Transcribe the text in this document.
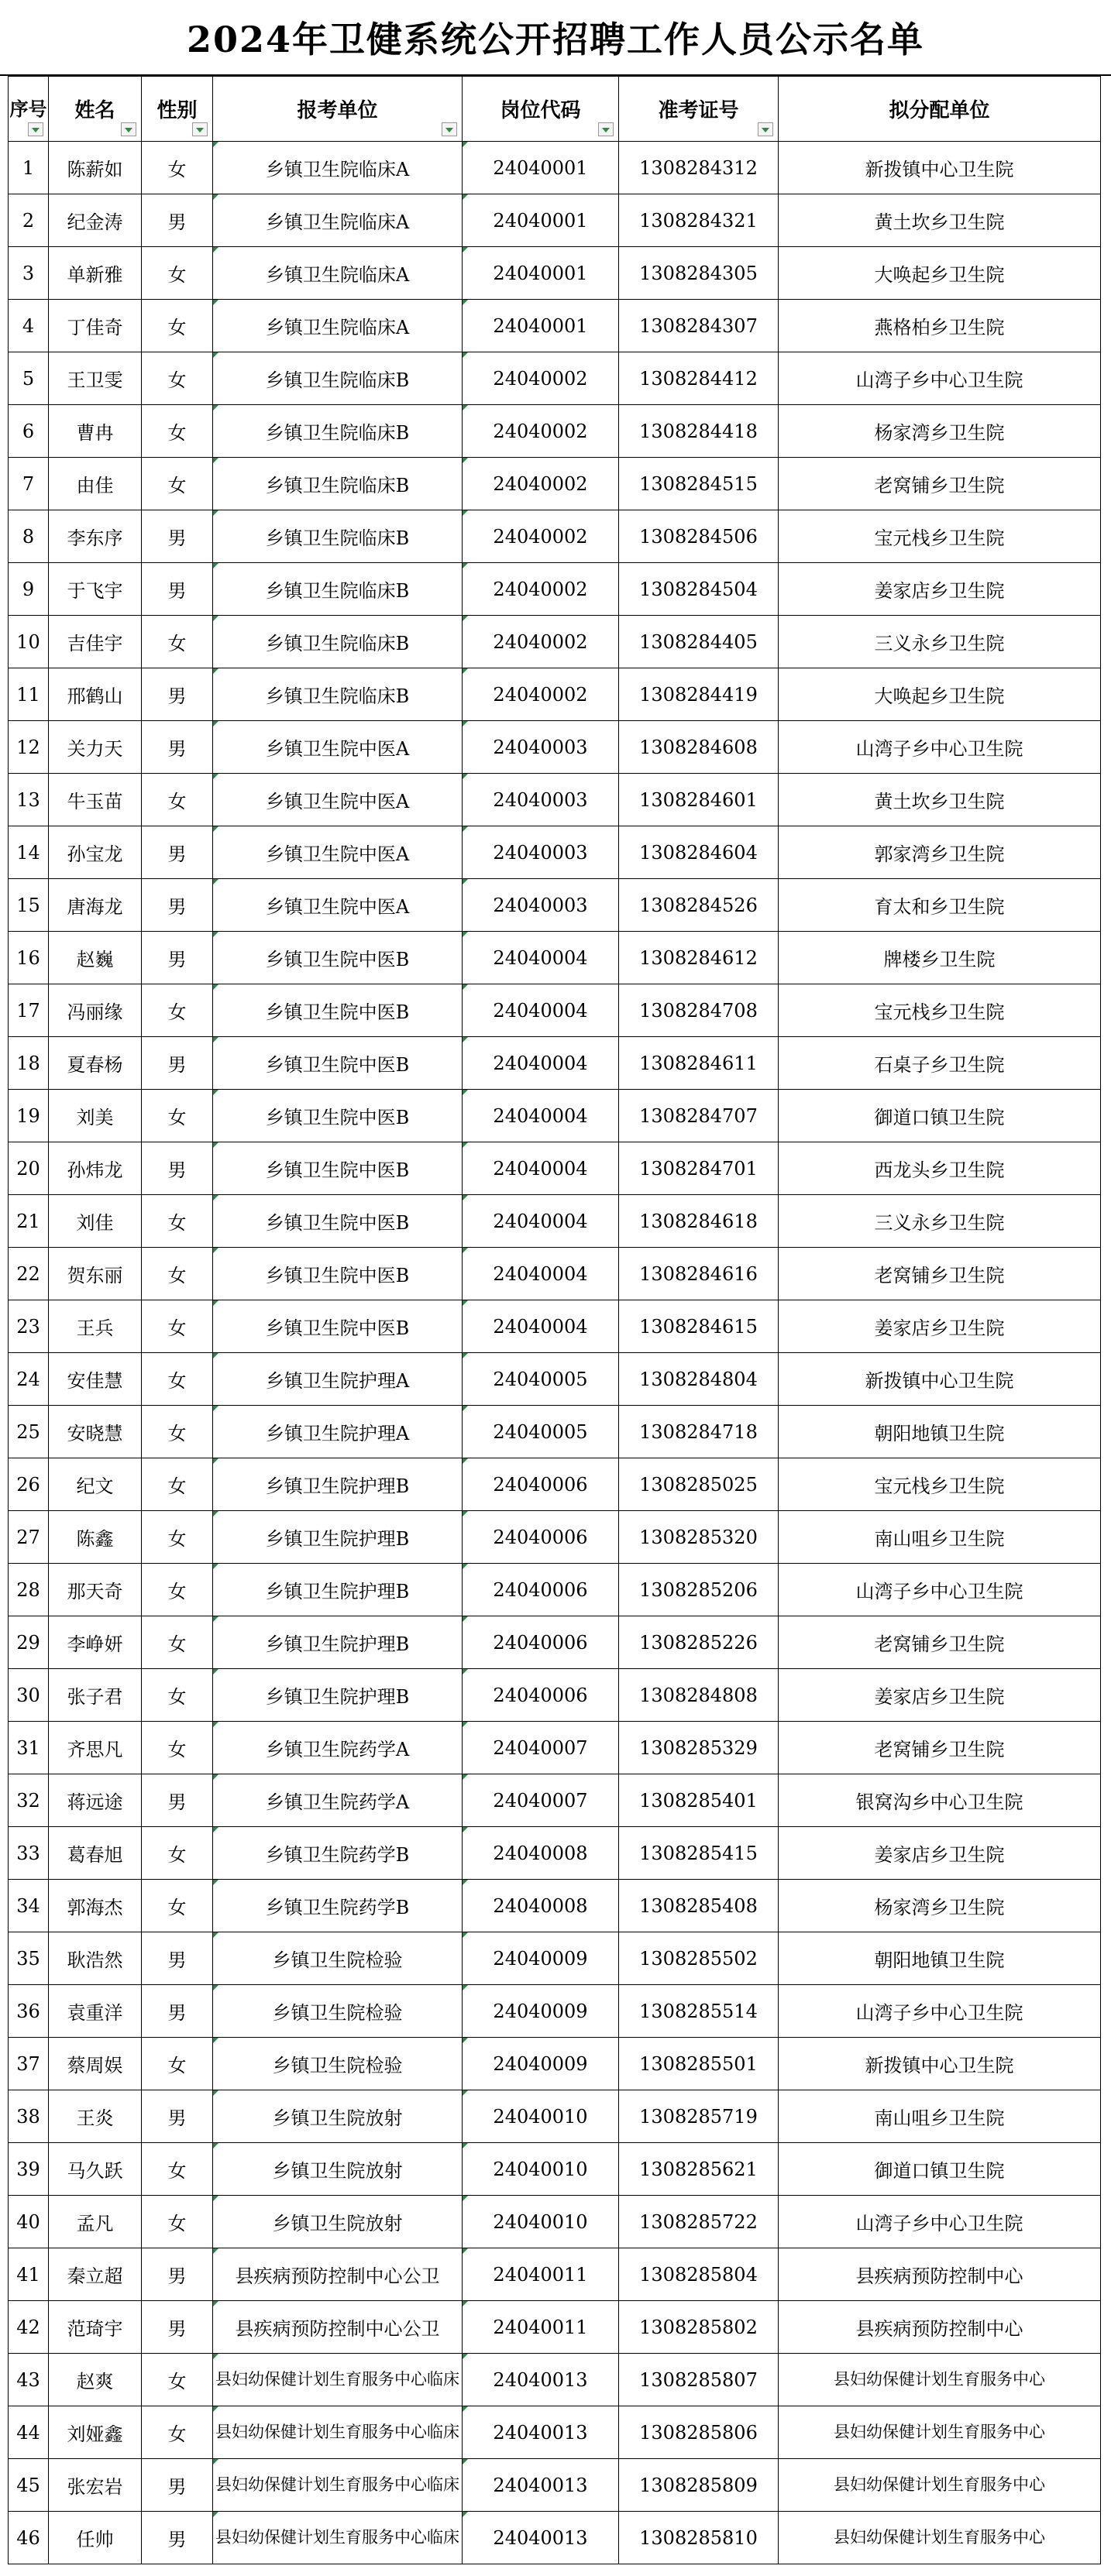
2024年卫健系统公开招聘工作人员公示名单
序号	姓名	性别	报考单位	岗位代码	准考证号	拟分配单位
1	陈薪如	女	乡镇卫生院临床A	24040001	1308284312	新拨镇中心卫生院
2	纪金涛	男	乡镇卫生院临床A	24040001	1308284321	黄土坎乡卫生院
3	单新雅	女	乡镇卫生院临床A	24040001	1308284305	大唤起乡卫生院
4	丁佳奇	女	乡镇卫生院临床A	24040001	1308284307	燕格柏乡卫生院
5	王卫雯	女	乡镇卫生院临床B	24040002	1308284412	山湾子乡中心卫生院
6	曹冉	女	乡镇卫生院临床B	24040002	1308284418	杨家湾乡卫生院
7	由佳	女	乡镇卫生院临床B	24040002	1308284515	老窝铺乡卫生院
8	李东序	男	乡镇卫生院临床B	24040002	1308284506	宝元栈乡卫生院
9	于飞宇	男	乡镇卫生院临床B	24040002	1308284504	姜家店乡卫生院
10	吉佳宇	女	乡镇卫生院临床B	24040002	1308284405	三义永乡卫生院
11	邢鹤山	男	乡镇卫生院临床B	24040002	1308284419	大唤起乡卫生院
12	关力天	男	乡镇卫生院中医A	24040003	1308284608	山湾子乡中心卫生院
13	牛玉苗	女	乡镇卫生院中医A	24040003	1308284601	黄土坎乡卫生院
14	孙宝龙	男	乡镇卫生院中医A	24040003	1308284604	郭家湾乡卫生院
15	唐海龙	男	乡镇卫生院中医A	24040003	1308284526	育太和乡卫生院
16	赵巍	男	乡镇卫生院中医B	24040004	1308284612	牌楼乡卫生院
17	冯丽缘	女	乡镇卫生院中医B	24040004	1308284708	宝元栈乡卫生院
18	夏春杨	男	乡镇卫生院中医B	24040004	1308284611	石桌子乡卫生院
19	刘美	女	乡镇卫生院中医B	24040004	1308284707	御道口镇卫生院
20	孙炜龙	男	乡镇卫生院中医B	24040004	1308284701	西龙头乡卫生院
21	刘佳	女	乡镇卫生院中医B	24040004	1308284618	三义永乡卫生院
22	贺东丽	女	乡镇卫生院中医B	24040004	1308284616	老窝铺乡卫生院
23	王兵	女	乡镇卫生院中医B	24040004	1308284615	姜家店乡卫生院
24	安佳慧	女	乡镇卫生院护理A	24040005	1308284804	新拨镇中心卫生院
25	安晓慧	女	乡镇卫生院护理A	24040005	1308284718	朝阳地镇卫生院
26	纪文	女	乡镇卫生院护理B	24040006	1308285025	宝元栈乡卫生院
27	陈鑫	女	乡镇卫生院护理B	24040006	1308285320	南山咀乡卫生院
28	那天奇	女	乡镇卫生院护理B	24040006	1308285206	山湾子乡中心卫生院
29	李峥妍	女	乡镇卫生院护理B	24040006	1308285226	老窝铺乡卫生院
30	张子君	女	乡镇卫生院护理B	24040006	1308284808	姜家店乡卫生院
31	齐思凡	女	乡镇卫生院药学A	24040007	1308285329	老窝铺乡卫生院
32	蒋远途	男	乡镇卫生院药学A	24040007	1308285401	银窝沟乡中心卫生院
33	葛春旭	女	乡镇卫生院药学B	24040008	1308285415	姜家店乡卫生院
34	郭海杰	女	乡镇卫生院药学B	24040008	1308285408	杨家湾乡卫生院
35	耿浩然	男	乡镇卫生院检验	24040009	1308285502	朝阳地镇卫生院
36	袁重洋	男	乡镇卫生院检验	24040009	1308285514	山湾子乡中心卫生院
37	蔡周娱	女	乡镇卫生院检验	24040009	1308285501	新拨镇中心卫生院
38	王炎	男	乡镇卫生院放射	24040010	1308285719	南山咀乡卫生院
39	马久跃	女	乡镇卫生院放射	24040010	1308285621	御道口镇卫生院
40	孟凡	女	乡镇卫生院放射	24040010	1308285722	山湾子乡中心卫生院
41	秦立超	男	县疾病预防控制中心公卫	24040011	1308285804	县疾病预防控制中心
42	范琦宇	男	县疾病预防控制中心公卫	24040011	1308285802	县疾病预防控制中心
43	赵爽	女	县妇幼保健计划生育服务中心临床	24040013	1308285807	县妇幼保健计划生育服务中心
44	刘娅鑫	女	县妇幼保健计划生育服务中心临床	24040013	1308285806	县妇幼保健计划生育服务中心
45	张宏岩	男	县妇幼保健计划生育服务中心临床	24040013	1308285809	县妇幼保健计划生育服务中心
46	任帅	男	县妇幼保健计划生育服务中心临床	24040013	1308285810	县妇幼保健计划生育服务中心
